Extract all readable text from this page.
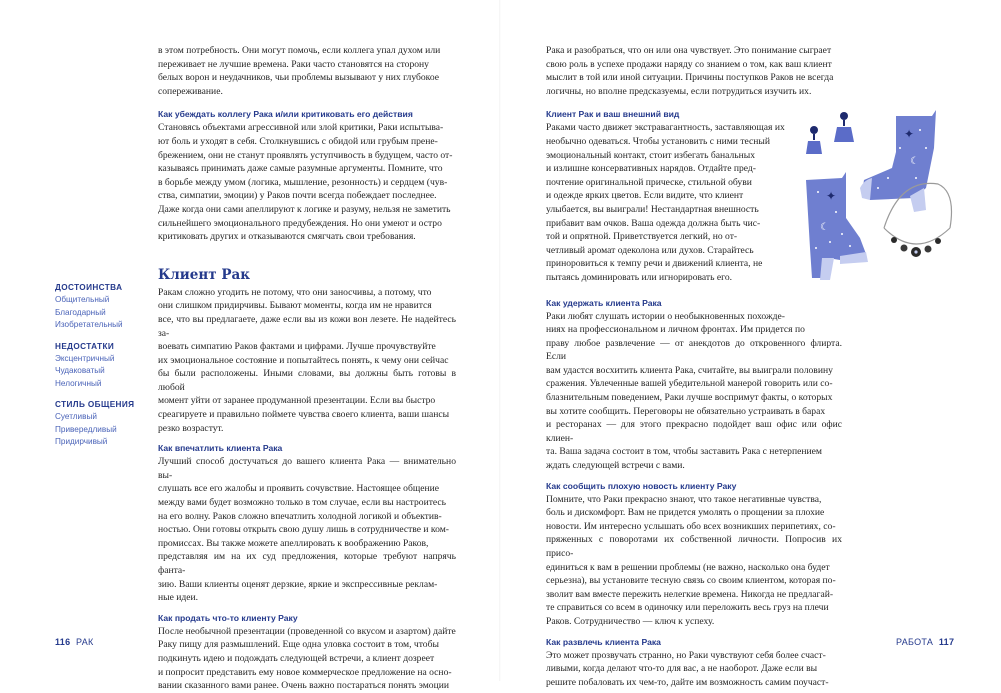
в этом потребность. Они могут помочь, если коллега упал духом или

переживает не лучшие времена. Раки часто становятся на сторону

белых ворон и неудачников, чьи проблемы вызывают у них глубокое

сопереживание.

Как убеждать коллегу Рака и/или критиковать его действия

Становясь объектами агрессивной или злой критики, Раки испытыва-

ют боль и уходят в себя. Столкнувшись с обидой или грубым прене-

брежением, они не станут проявлять уступчивость в будущем, часто от-

казываясь принимать даже самые разумные аргументы. Помните, что

в борьбе между умом (логика, мышление, резонность) и сердцем (чув-

ства, симпатии, эмоции) у Раков почти всегда побеждает последнее.

Даже когда они сами апеллируют к логике и разуму, нельзя не заметить

сильнейшего эмоционального предубеждения. Но они умеют и остро

критиковать других и отказываются смягчать свои требования.

Клиент Рак

Ракам сложно угодить не потому, что они заносчивы, а потому, что

они слишком придирчивы. Бывают моменты, когда им не нравится

все, что вы предлагаете, даже если вы из кожи вон лезете. Не надейтесь за-

воевать симпатию Раков фактами и цифрами. Лучше прочувствуйте

их эмоциональное состояние и попытайтесь понять, к чему они сейчас

бы были расположены. Иными словами, вы должны быть готовы в любой

момент уйти от заранее продуманной презентации. Если вы быстро

среагируете и правильно поймете чувства своего клиента, ваши шансы

резко возрастут.

Как впечатлить клиента Рака

Лучший способ достучаться до вашего клиента Рака — внимательно вы-

слушать все его жалобы и проявить сочувствие. Настоящее общение

между вами будет возможно только в том случае, если вы настроитесь

на его волну. Раков сложно впечатлить холодной логикой и объектив-

ностью. Они готовы открыть свою душу лишь в сотрудничестве и ком-

промиссах. Вы также можете апеллировать к воображению Раков,

представляя им на их суд предложения, которые требуют напрячь фанта-

зию. Ваши клиенты оценят дерзкие, яркие и экспрессивные реклам-

ные идеи.

Как продать что-то клиенту Раку

После необычной презентации (проведенной со вкусом и азартом) дайте

Раку пищу для размышлений. Еще одна уловка состоит в том, чтобы

подкинуть идею и подождать следующей встречи, а клиент дозреет

и попросит представить ему новое коммерческое предложение на осно-

вании сказанного вами ранее. Очень важно постараться понять эмоции

ДОСТОИНСТВА
Общительный
Благодарный
Изобретательный
НЕДОСТАТКИ
Эксцентричный
Чудаковатый
Нелогичный
СТИЛЬ ОБЩЕНИЯ
Суетливый
Привередливый
Придирчивый
116 РАК

Рака и разобраться, что он или она чувствует. Это понимание сыграет

свою роль в успехе продажи наряду со знанием о том, как ваш клиент

мыслит в той или иной ситуации. Причины поступков Раков не всегда

логичны, но вполне предсказуемы, если потрудиться изучить их.

Клиент Рак и ваш внешний вид

Ракaми часто движет экстравагантность, заставляющая их

необычно одеваться. Чтобы установить с ними тесный

эмоциональный контакт, стоит избегать банальных

и излишне консервативных нарядов. Отдайте пред-

почтение оригинальной прическе, стильной обуви

и одежде ярких цветов. Если видите, что клиент

улыбается, вы выиграли! Нестандартная внешность

прибавит вам очков. Ваша одежда должна быть чис-

той и опрятной. Приветствуется легкий, но от-

четливый аромат одеколона или духов. Старайтесь

приноровиться к темпу речи и движений клиента, не

пытаясь доминировать или игнорировать его.

Как удержать клиента Рака

Раки любят слушать истории о необыкновенных похожде-

ниях на профессиональном и личном фронтах. Им придется по

праву любое развлечение — от анекдотов до откровенного флирта. Если

вам удастся восхитить клиента Рака, считайте, вы выиграли половину

сражения. Увлеченные вашей убедительной манерой говорить или со-

блазнительным поведением, Раки лучше воспримут факты, о которых

вы хотите сообщить. Переговоры не обязательно устраивать в барах

и ресторанах — для этого прекрасно подойдет ваш офис или офис клиен-

та. Ваша задача состоит в том, чтобы заставить Рака с нетерпением

ждать следующей встречи с вами.

Как сообщить плохую новость клиенту Раку

Помните, что Раки прекрасно знают, что такое негативные чувства,

боль и дискомфорт. Вам не придется умолять о прощении за плохие

новости. Им интересно услышать обо всех возникших перипетиях, со-

пряженных с поворотами их собственной личности. Попросив их присо-

единиться к вам в решении проблемы (не важно, насколько она будет

серьезна), вы установите тесную связь со своим клиентом, которая по-

зволит вам вместе пережить нелегкие времена. Никогда не предлагай-

те справиться со всем в одиночку или переложить весь груз на плечи

Раков. Сотрудничество — ключ к успеху.

Как развлечь клиента Рака

Это может прозвучать странно, но Раки чувствуют себя более счаст-

ливыми, когда делают что-то для вас, а не наоборот. Даже если вы

решите побаловать их чем-то, дайте им возможность самим поучаст-

✦
☾
✦
☾
РАБОТА 117
